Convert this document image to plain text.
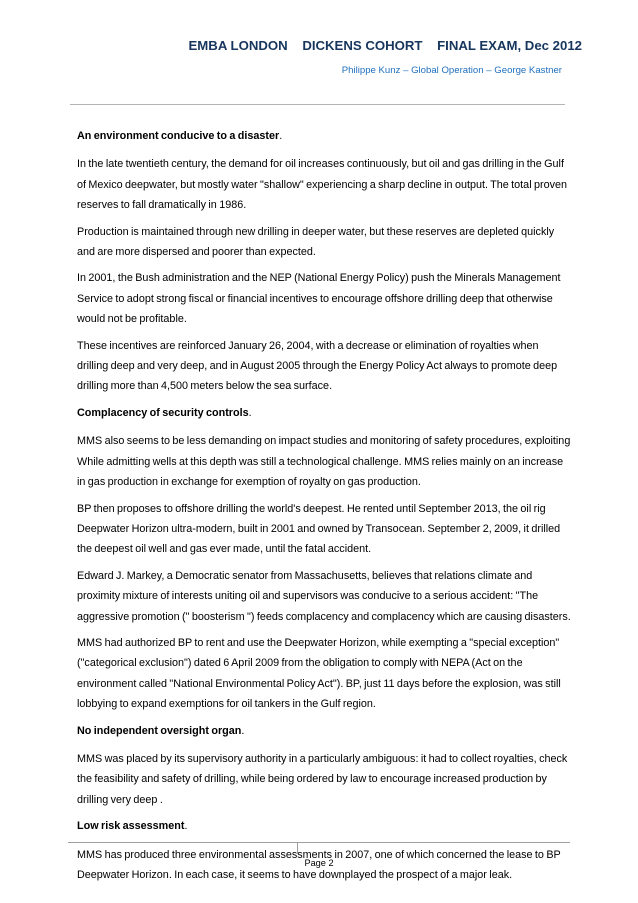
EMBA LONDON    DICKENS COHORT    FINAL EXAM, Dec 2012
Philippe Kunz – Global Operation – George Kastner

An environment conducive to a disaster.

In the late twentieth century, the demand for oil increases continuously, but oil and gas drilling in the Gulf of Mexico deepwater, but mostly water "shallow" experiencing a sharp decline in output. The total proven reserves to fall dramatically in 1986.

Production is maintained through new drilling in deeper water, but these reserves are depleted quickly and are more dispersed and poorer than expected.

In 2001, the Bush administration and the NEP (National Energy Policy) push the Minerals Management Service to adopt strong fiscal or financial incentives to encourage offshore drilling deep that otherwise would not be profitable.

These incentives are reinforced January 26, 2004, with a decrease or elimination of royalties when drilling deep and very deep, and in August 2005 through the Energy Policy Act always to promote deep drilling more than 4,500 meters below the sea surface.

Complacency of security controls.

MMS also seems to be less demanding on impact studies and monitoring of safety procedures, exploiting While admitting wells at this depth was still a technological challenge. MMS relies mainly on an increase in gas production in exchange for exemption of royalty on gas production.

BP then proposes to offshore drilling the world's deepest. He rented until September 2013, the oil rig Deepwater Horizon ultra-modern, built in 2001 and owned by Transocean. September 2, 2009, it drilled the deepest oil well and gas ever made, until the fatal accident.

Edward J. Markey, a Democratic senator from Massachusetts, believes that relations climate and proximity mixture of interests uniting oil and supervisors was conducive to a serious accident: "The aggressive promotion (" boosterism ") feeds complacency and complacency which are causing disasters.

MMS had authorized BP to rent and use the Deepwater Horizon, while exempting a "special exception" ("categorical exclusion") dated 6 April 2009 from the obligation to comply with NEPA (Act on the environment called "National Environmental Policy Act"). BP, just 11 days before the explosion, was still lobbying to expand exemptions for oil tankers in the Gulf region.

No independent oversight organ.

MMS was placed by its supervisory authority in a particularly ambiguous: it had to collect royalties, check the feasibility and safety of drilling, while being ordered by law to encourage increased production by drilling very deep .

Low risk assessment.

MMS has produced three environmental assessments in 2007, one of which concerned the lease to BP Deepwater Horizon. In each case, it seems to have downplayed the prospect of a major leak.

Page 2
